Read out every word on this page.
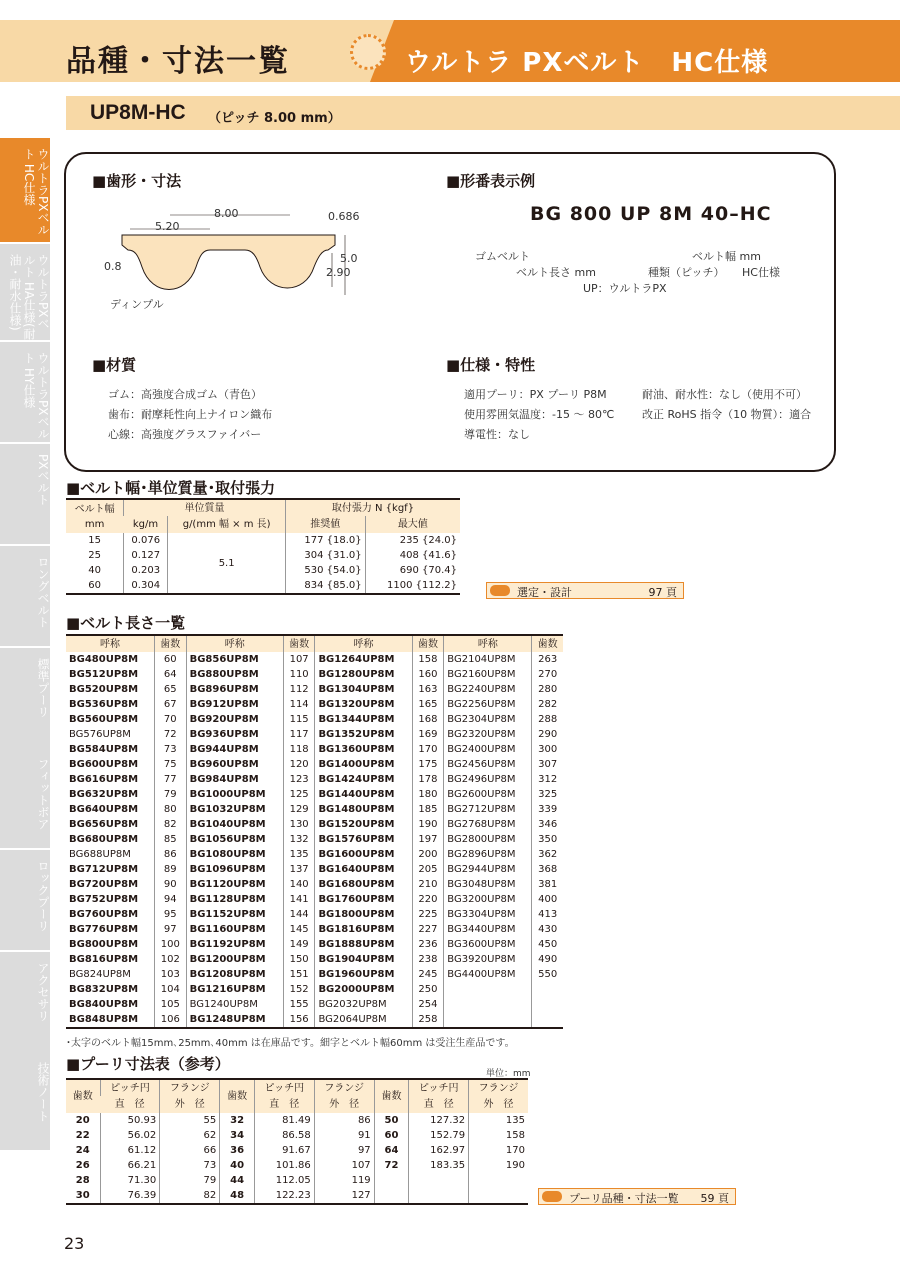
品種・寸法一覧	ウルトラ PXベルト　HC仕様
UP8M-HC （ピッチ 8.00 mm）
ウルトラPXベルト HC仕様
ウルトラPXベルト HA仕様(耐油・耐水仕様)
ウルトラPXベルト HY仕様
PXベルト
ロングベルト
標準プーリ
フィットボア
ロックプーリ
アクセサリ
技術ノート
■歯形・寸法
8.00
5.20
0.686
5.0
2.90
0.8
ディンプル
■形番表示例
BG 800 UP 8M 40–HC
ゴムベルト
ベルト長さ mm
UP：ウルトラPX
種類（ピッチ）
ベルト幅 mm
HC仕様
■材質
ゴム：高強度合成ゴム（青色）
歯布：耐摩耗性向上ナイロン織布
心線：高強度グラスファイバー
■仕様・特性
適用プーリ：PX プーリ P8M
使用雰囲気温度：-15 ～ 80℃
導電性：なし
耐油、耐水性：なし（使用不可）
改正 RoHS 指令（10 物質）：適合
■ベルト幅･単位質量･取付張力
ベルト幅
mm	単位質量		取付張力 N {kgf}	
	kg/m	g/(mm 幅 × m 長)	推奨値	最大値
15	0.076	5.1	177 {18.0}	235 {24.0}
25	0.127		304 {31.0}	408 {41.6}
40	0.203		530 {54.0}	690 {70.4}
60	0.304		834 {85.0}	1100 {112.2}
選定・設計	97 頁
■ベルト長さ一覧
呼称	歯数	呼称	歯数	呼称	歯数	呼称	歯数
BG480UP8M	60	BG856UP8M	107	BG1264UP8M	158	BG2104UP8M	263
BG512UP8M	64	BG880UP8M	110	BG1280UP8M	160	BG2160UP8M	270
BG520UP8M	65	BG896UP8M	112	BG1304UP8M	163	BG2240UP8M	280
BG536UP8M	67	BG912UP8M	114	BG1320UP8M	165	BG2256UP8M	282
BG560UP8M	70	BG920UP8M	115	BG1344UP8M	168	BG2304UP8M	288
BG576UP8M	72	BG936UP8M	117	BG1352UP8M	169	BG2320UP8M	290
BG584UP8M	73	BG944UP8M	118	BG1360UP8M	170	BG2400UP8M	300
BG600UP8M	75	BG960UP8M	120	BG1400UP8M	175	BG2456UP8M	307
BG616UP8M	77	BG984UP8M	123	BG1424UP8M	178	BG2496UP8M	312
BG632UP8M	79	BG1000UP8M	125	BG1440UP8M	180	BG2600UP8M	325
BG640UP8M	80	BG1032UP8M	129	BG1480UP8M	185	BG2712UP8M	339
BG656UP8M	82	BG1040UP8M	130	BG1520UP8M	190	BG2768UP8M	346
BG680UP8M	85	BG1056UP8M	132	BG1576UP8M	197	BG2800UP8M	350
BG688UP8M	86	BG1080UP8M	135	BG1600UP8M	200	BG2896UP8M	362
BG712UP8M	89	BG1096UP8M	137	BG1640UP8M	205	BG2944UP8M	368
BG720UP8M	90	BG1120UP8M	140	BG1680UP8M	210	BG3048UP8M	381
BG752UP8M	94	BG1128UP8M	141	BG1760UP8M	220	BG3200UP8M	400
BG760UP8M	95	BG1152UP8M	144	BG1800UP8M	225	BG3304UP8M	413
BG776UP8M	97	BG1160UP8M	145	BG1816UP8M	227	BG3440UP8M	430
BG800UP8M	100	BG1192UP8M	149	BG1888UP8M	236	BG3600UP8M	450
BG816UP8M	102	BG1200UP8M	150	BG1904UP8M	238	BG3920UP8M	490
BG824UP8M	103	BG1208UP8M	151	BG1960UP8M	245	BG4400UP8M	550
BG832UP8M	104	BG1216UP8M	152	BG2000UP8M	250		
BG840UP8M	105	BG1240UP8M	155	BG2032UP8M	254		
BG848UP8M	106	BG1248UP8M	156	BG2064UP8M	258		
･太字のベルト幅15mm､25mm､40mm は在庫品です。細字とベルト幅60mm は受注生産品です。
■プーリ寸法表（参考）
単位：mm
歯数	ピッチ円	フランジ	歯数	ピッチ円	フランジ	歯数	ピッチ円	フランジ
	直　径	外　径		直　径	外　径		直　径	外　径
20	50.93	55	32	81.49	86	50	127.32	135
22	56.02	62	34	86.58	91	60	152.79	158
24	61.12	66	36	91.67	97	64	162.97	170
26	66.21	73	40	101.86	107	72	183.35	190
28	71.30	79	44	112.05	119			
30	76.39	82	48	122.23	127				プーリ品種・寸法一覧 59 頁
23
